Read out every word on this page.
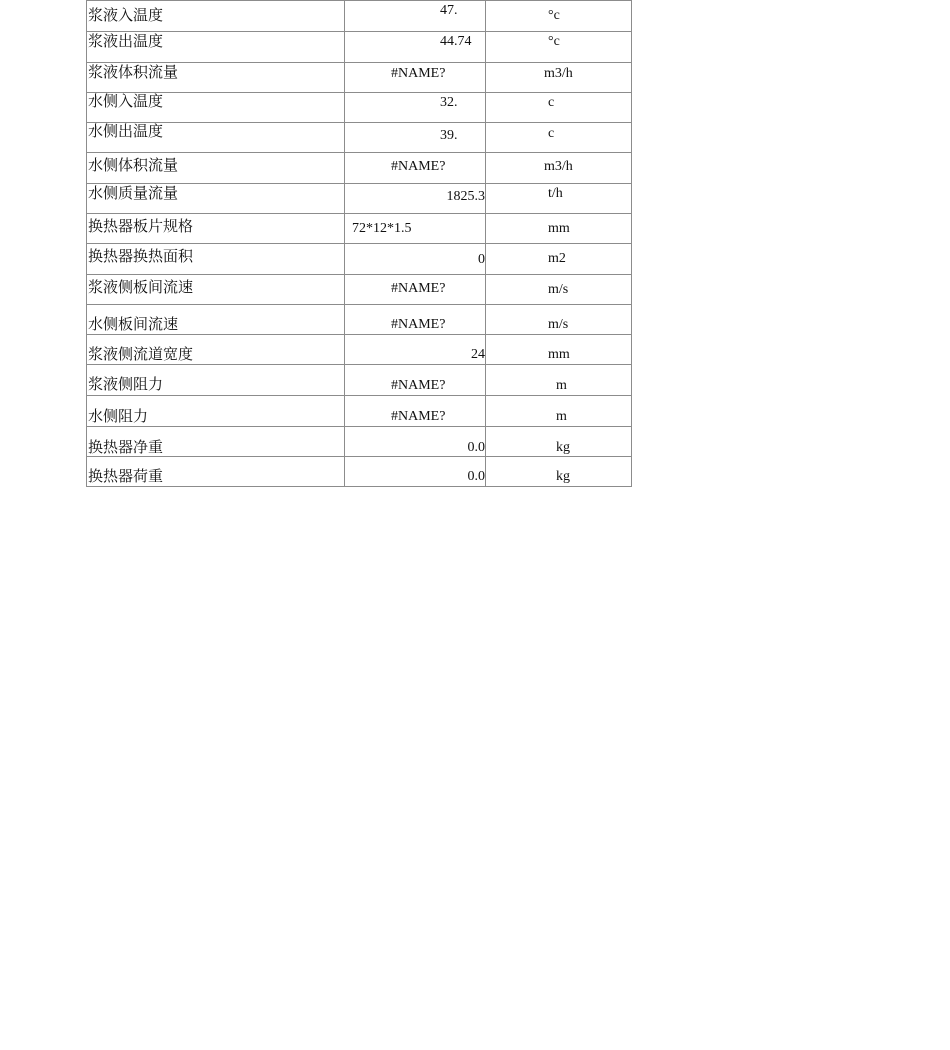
浆液入温度	47.	°c
浆液出温度	44.74	°c
浆液体积流量	#NAME?	m3/h
水侧入温度	32.	c
水侧出温度	39.	c
水侧体积流量	#NAME?	m3/h
水侧质量流量	1825.3	t/h
换热器板片规格	72*12*1.5	mm
换热器换热面积	0	m2
浆液侧板间流速	#NAME?	m/s
水侧板间流速	#NAME?	m/s
浆液侧流道宽度	24	mm
浆液侧阻力	#NAME?	m
水侧阻力	#NAME?	m
换热器净重	0.0	kg
换热器荷重	0.0	kg
